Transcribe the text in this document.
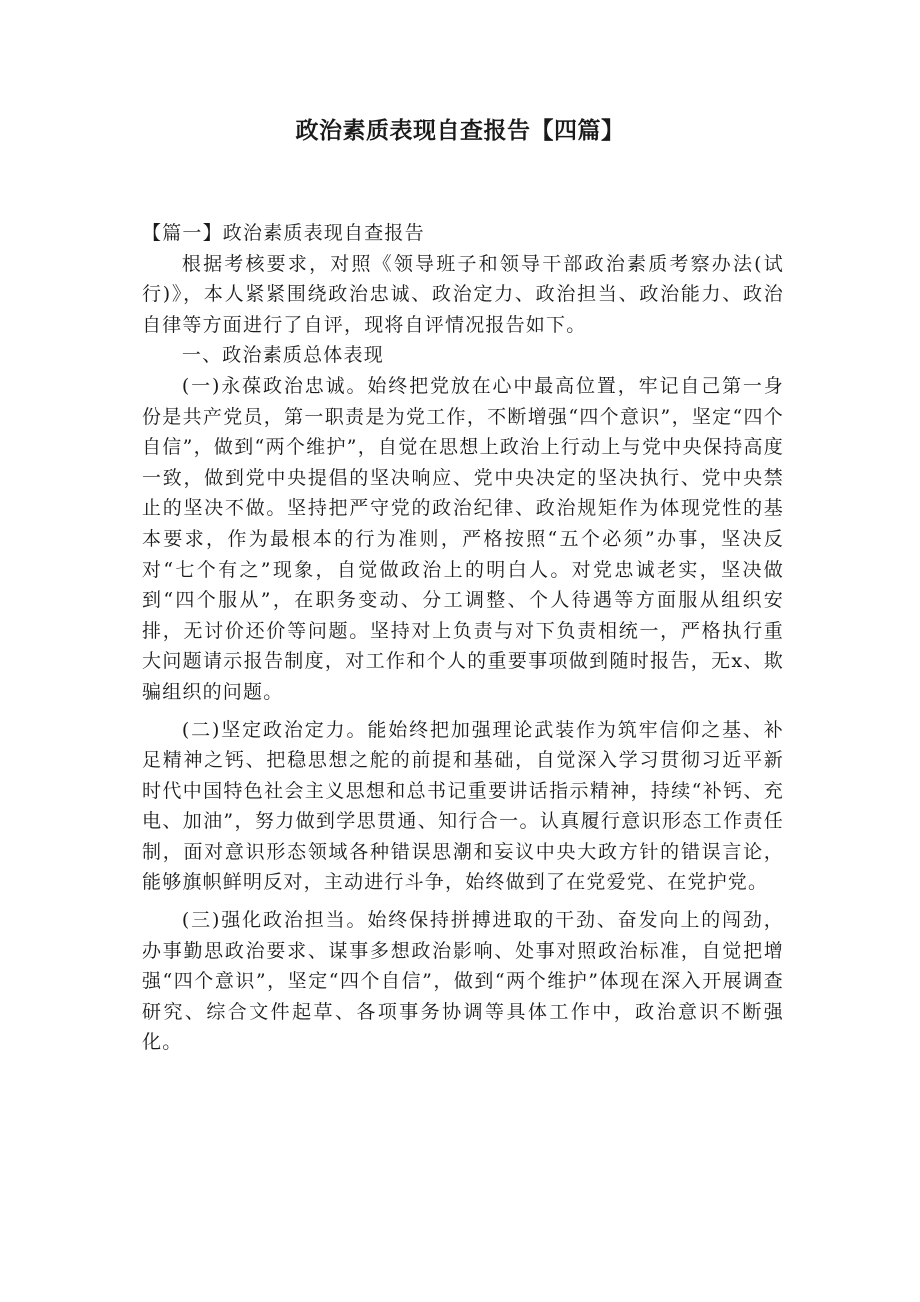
政治素质表现自查报告【四篇】

【篇一】政治素质表现自查报告

根据考核要求，对照《领导班子和领导干部政治素质考察办法(试行)》，本人紧紧围绕政治忠诚、政治定力、政治担当、政治能力、政治自律等方面进行了自评，现将自评情况报告如下。

一、政治素质总体表现

(一)永葆政治忠诚。始终把党放在心中最高位置，牢记自己第一身份是共产党员，第一职责是为党工作，不断增强“四个意识”，坚定“四个自信”，做到“两个维护”，自觉在思想上政治上行动上与党中央保持高度一致，做到党中央提倡的坚决响应、党中央决定的坚决执行、党中央禁止的坚决不做。坚持把严守党的政治纪律、政治规矩作为体现党性的基本要求，作为最根本的行为准则，严格按照“五个必须”办事，坚决反对“七个有之”现象，自觉做政治上的明白人。对党忠诚老实，坚决做到“四个服从”，在职务变动、分工调整、个人待遇等方面服从组织安排，无讨价还价等问题。坚持对上负责与对下负责相统一，严格执行重大问题请示报告制度，对工作和个人的重要事项做到随时报告，无x、欺骗组织的问题。

(二)坚定政治定力。能始终把加强理论武装作为筑牢信仰之基、补足精神之钙、把稳思想之舵的前提和基础，自觉深入学习贯彻习近平新时代中国特色社会主义思想和总书记重要讲话指示精神，持续“补钙、充电、加油”，努力做到学思贯通、知行合一。认真履行意识形态工作责任制，面对意识形态领域各种错误思潮和妄议中央大政方针的错误言论，能够旗帜鲜明反对，主动进行斗争，始终做到了在党爱党、在党护党。

(三)强化政治担当。始终保持拼搏进取的干劲、奋发向上的闯劲，办事勤思政治要求、谋事多想政治影响、处事对照政治标准，自觉把增强“四个意识”，坚定“四个自信”，做到“两个维护”体现在深入开展调查研究、综合文件起草、各项事务协调等具体工作中，政治意识不断强化。
